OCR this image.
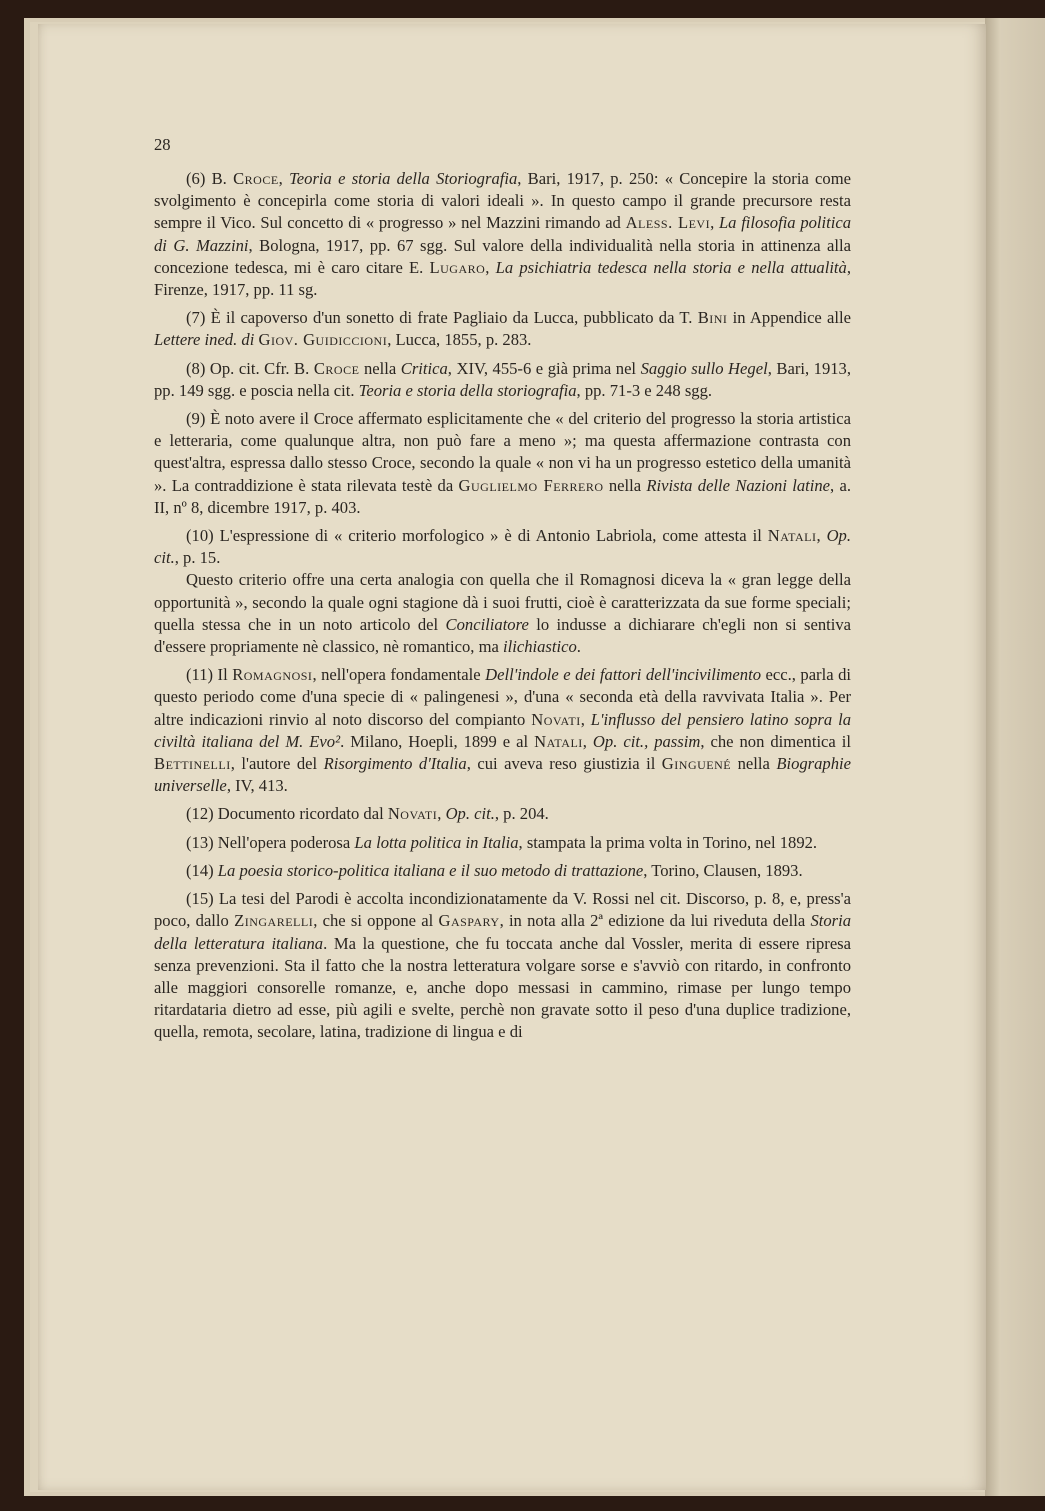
28

(6) B. Croce, Teoria e storia della Storiografia, Bari, 1917, p. 250: « Concepire la storia come svolgimento è concepirla come storia di valori ideali ». In questo campo il grande precursore resta sempre il Vico. Sul concetto di « progresso » nel Mazzini rimando ad Aless. Levi, La filosofia politica di G. Mazzini, Bologna, 1917, pp. 67 sgg. Sul valore della individualità nella storia in attinenza alla concezione tedesca, mi è caro citare E. Lugaro, La psichiatria tedesca nella storia e nella attualità, Firenze, 1917, pp. 11 sg.

(7) È il capoverso d'un sonetto di frate Pagliaio da Lucca, pubblicato da T. Bini in Appendice alle Lettere ined. di Giov. Guidiccioni, Lucca, 1855, p. 283.

(8) Op. cit. Cfr. B. Croce nella Critica, XIV, 455-6 e già prima nel Saggio sullo Hegel, Bari, 1913, pp. 149 sgg. e poscia nella cit. Teoria e storia della storiografia, pp. 71-3 e 248 sgg.

(9) È noto avere il Croce affermato esplicitamente che « del criterio del progresso la storia artistica e letteraria, come qualunque altra, non può fare a meno »; ma questa affermazione contrasta con quest'altra, espressa dallo stesso Croce, secondo la quale « non vi ha un progresso estetico della umanità ». La contraddizione è stata rilevata testè da Guglielmo Ferrero nella Rivista delle Nazioni latine, a. II, nº 8, dicembre 1917, p. 403.

(10) L'espressione di « criterio morfologico » è di Antonio Labriola, come attesta il Natali, Op. cit., p. 15.

Questo criterio offre una certa analogia con quella che il Romagnosi diceva la « gran legge della opportunità », secondo la quale ogni stagione dà i suoi frutti, cioè è caratterizzata da sue forme speciali; quella stessa che in un noto articolo del Conciliatore lo indusse a dichiarare ch'egli non si sentiva d'essere propriamente nè classico, nè romantico, ma ilichiastico.

(11) Il Romagnosi, nell'opera fondamentale Dell'indole e dei fattori dell'incivilimento ecc., parla di questo periodo come d'una specie di « palingenesi », d'una « seconda età della ravvivata Italia ». Per altre indicazioni rinvio al noto discorso del compianto Novati, L'influsso del pensiero latino sopra la civiltà italiana del M. Evo². Milano, Hoepli, 1899 e al Natali, Op. cit., passim, che non dimentica il Bettinelli, l'autore del Risorgimento d'Italia, cui aveva reso giustizia il Ginguené nella Biographie universelle, IV, 413.

(12) Documento ricordato dal Novati, Op. cit., p. 204.

(13) Nell'opera poderosa La lotta politica in Italia, stampata la prima volta in Torino, nel 1892.

(14) La poesia storico-politica italiana e il suo metodo di trattazione, Torino, Clausen, 1893.

(15) La tesi del Parodi è accolta incondizionatamente da V. Rossi nel cit. Discorso, p. 8, e, press'a poco, dallo Zingarelli, che si oppone al Gaspary, in nota alla 2ª edizione da lui riveduta della Storia della letteratura italiana. Ma la questione, che fu toccata anche dal Vossler, merita di essere ripresa senza prevenzioni. Sta il fatto che la nostra letteratura volgare sorse e s'avviò con ritardo, in confronto alle maggiori consorelle romanze, e, anche dopo messasi in cammino, rimase per lungo tempo ritardataria dietro ad esse, più agili e svelte, perchè non gravate sotto il peso d'una duplice tradizione, quella, remota, secolare, latina, tradizione di lingua e di
